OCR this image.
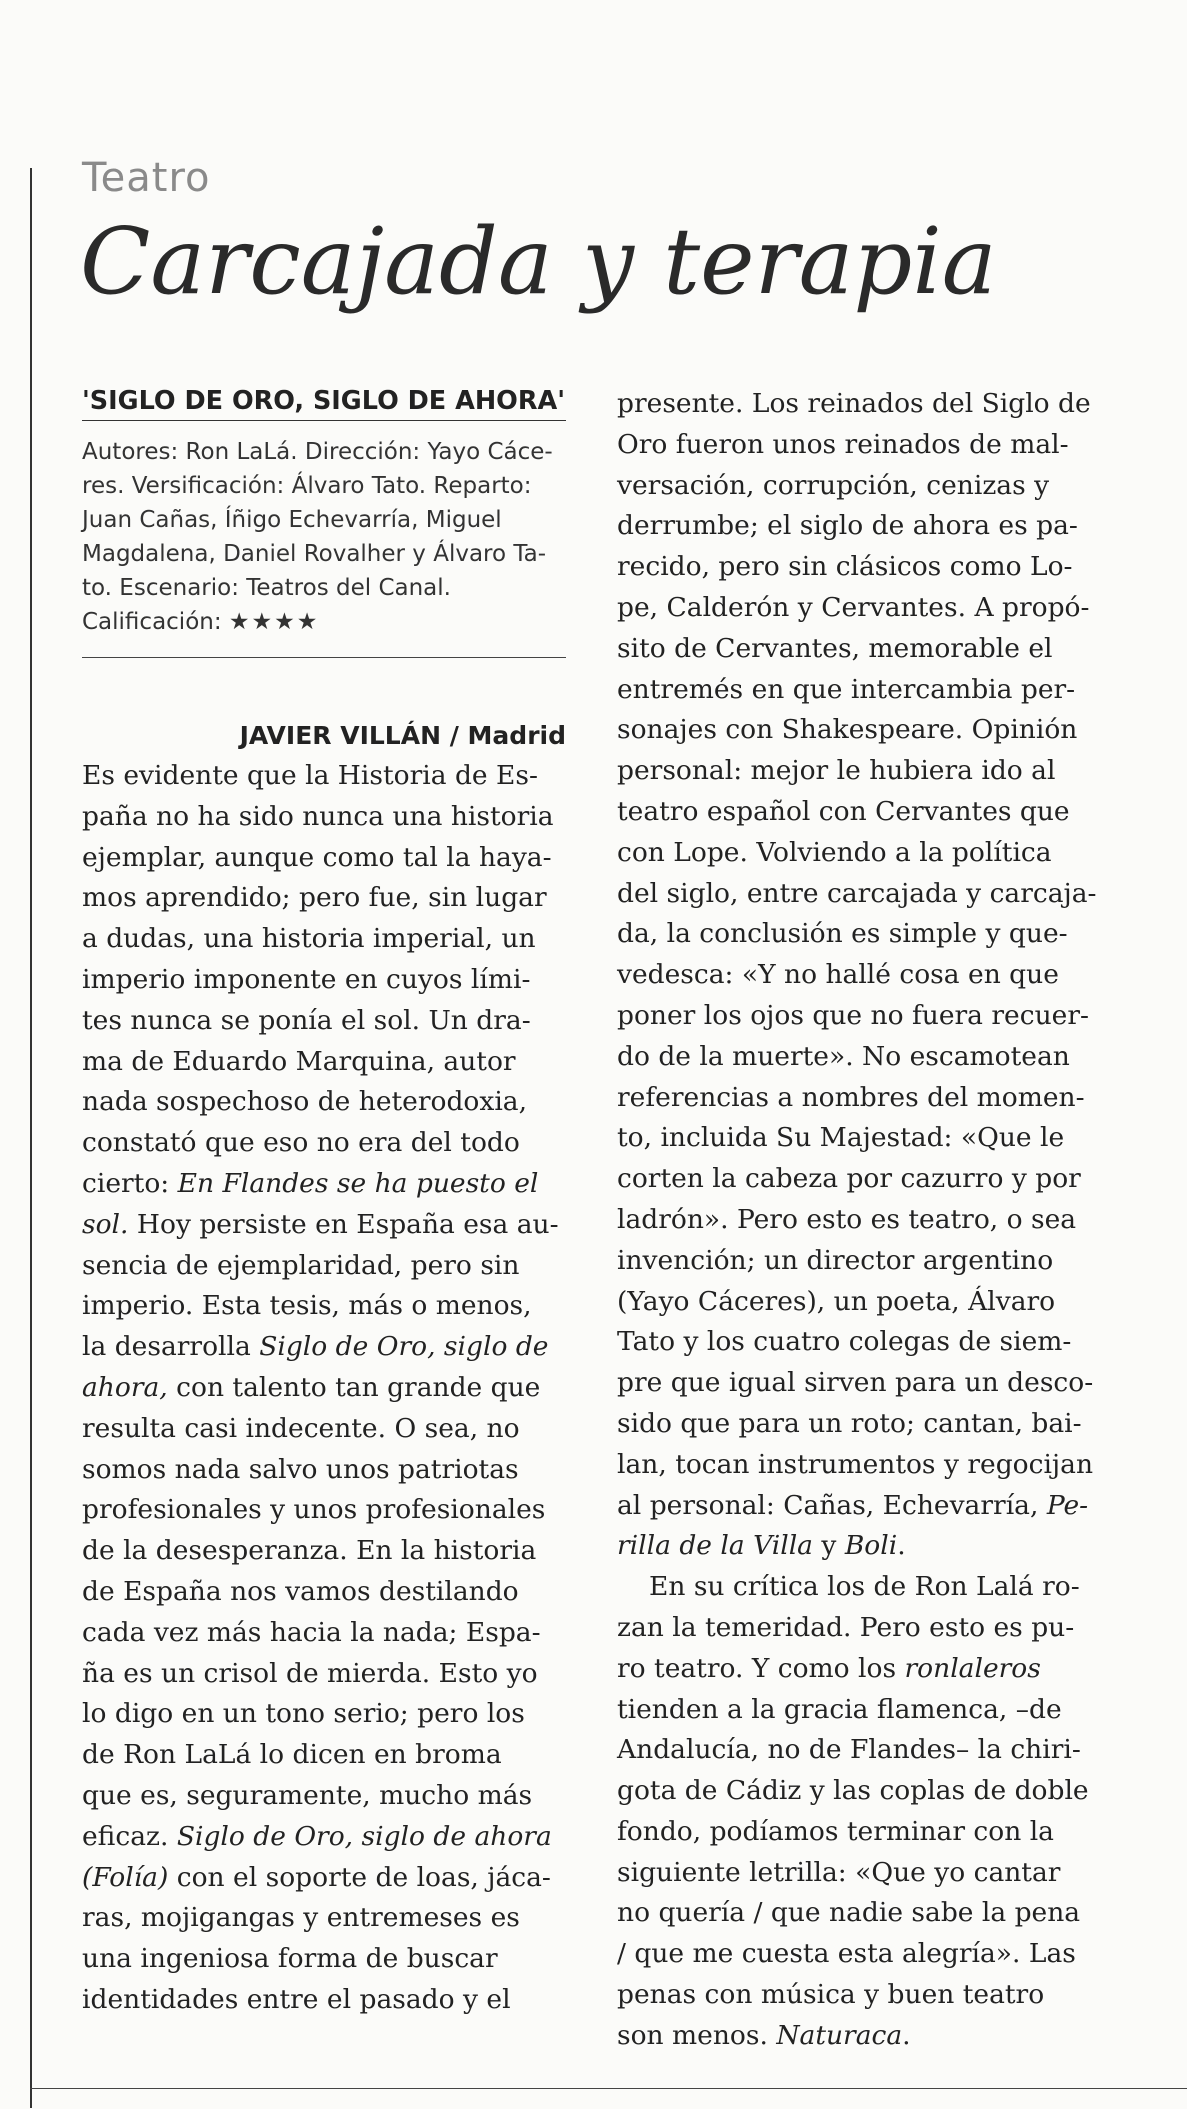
Teatro
Carcajada y terapia
'SIGLO DE ORO, SIGLO DE AHORA'
Autores: Ron LaLá. Dirección: Yayo Cáce-
res. Versificación: Álvaro Tato. Reparto:
Juan Cañas, Íñigo Echevarría, Miguel
Magdalena, Daniel Rovalher y Álvaro Ta-
to. Escenario: Teatros del Canal.
Calificación: ★★★★
JAVIER VILLÁN / Madrid
Es evidente que la Historia de Es-
paña no ha sido nunca una historia
ejemplar, aunque como tal la haya-
mos aprendido; pero fue, sin lugar
a dudas, una historia imperial, un
imperio imponente en cuyos lími-
tes nunca se ponía el sol. Un dra-
ma de Eduardo Marquina, autor
nada sospechoso de heterodoxia,
constató que eso no era del todo
cierto: En Flandes se ha puesto el
sol. Hoy persiste en España esa au-
sencia de ejemplaridad, pero sin
imperio. Esta tesis, más o menos,
la desarrolla Siglo de Oro, siglo de
ahora, con talento tan grande que
resulta casi indecente. O sea, no
somos nada salvo unos patriotas
profesionales y unos profesionales
de la desesperanza. En la historia
de España nos vamos destilando
cada vez más hacia la nada; Espa-
ña es un crisol de mierda. Esto yo
lo digo en un tono serio; pero los
de Ron LaLá lo dicen en broma
que es, seguramente, mucho más
eficaz. Siglo de Oro, siglo de ahora
(Folía) con el soporte de loas, jáca-
ras, mojigangas y entremeses es
una ingeniosa forma de buscar
identidades entre el pasado y el
presente. Los reinados del Siglo de
Oro fueron unos reinados de mal-
versación, corrupción, cenizas y
derrumbe; el siglo de ahora es pa-
recido, pero sin clásicos como Lo-
pe, Calderón y Cervantes. A propó-
sito de Cervantes, memorable el
entremés en que intercambia per-
sonajes con Shakespeare. Opinión
personal: mejor le hubiera ido al
teatro español con Cervantes que
con Lope. Volviendo a la política
del siglo, entre carcajada y carcaja-
da, la conclusión es simple y que-
vedesca: «Y no hallé cosa en que
poner los ojos que no fuera recuer-
do de la muerte». No escamotean
referencias a nombres del momen-
to, incluida Su Majestad: «Que le
corten la cabeza por cazurro y por
ladrón». Pero esto es teatro, o sea
invención; un director argentino
(Yayo Cáceres), un poeta, Álvaro
Tato y los cuatro colegas de siem-
pre que igual sirven para un desco-
sido que para un roto; cantan, bai-
lan, tocan instrumentos y regocijan
al personal: Cañas, Echevarría, Pe-
rilla de la Villa y Boli.
En su crítica los de Ron Lalá ro-
zan la temeridad. Pero esto es pu-
ro teatro. Y como los ronlaleros
tienden a la gracia flamenca, –de
Andalucía, no de Flandes– la chiri-
gota de Cádiz y las coplas de doble
fondo, podíamos terminar con la
siguiente letrilla: «Que yo cantar
no quería / que nadie sabe la pena
/ que me cuesta esta alegría». Las
penas con música y buen teatro
son menos. Naturaca.
